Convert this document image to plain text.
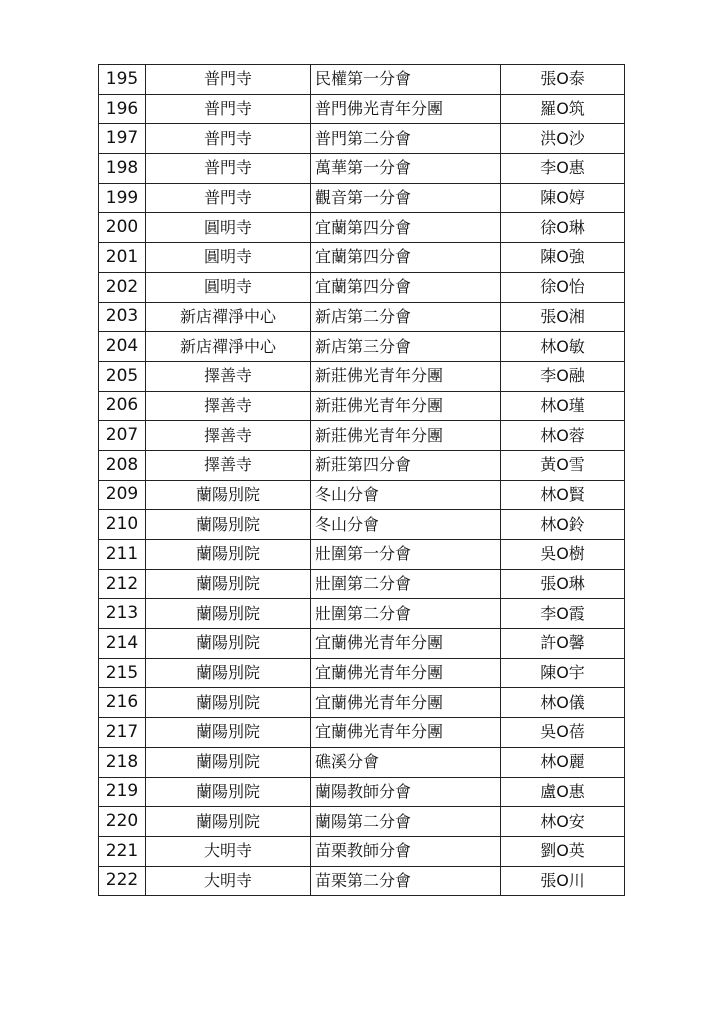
195	普門寺	民權第一分會	張O泰
196	普門寺	普門佛光青年分團	羅O筑
197	普門寺	普門第二分會	洪O沙
198	普門寺	萬華第一分會	李O惠
199	普門寺	觀音第一分會	陳O婷
200	圓明寺	宜蘭第四分會	徐O琳
201	圓明寺	宜蘭第四分會	陳O強
202	圓明寺	宜蘭第四分會	徐O怡
203	新店禪淨中心	新店第二分會	張O湘
204	新店禪淨中心	新店第三分會	林O敏
205	擇善寺	新莊佛光青年分團	李O融
206	擇善寺	新莊佛光青年分團	林O瑾
207	擇善寺	新莊佛光青年分團	林O蓉
208	擇善寺	新莊第四分會	黃O雪
209	蘭陽別院	冬山分會	林O賢
210	蘭陽別院	冬山分會	林O鈴
211	蘭陽別院	壯圍第一分會	吳O樹
212	蘭陽別院	壯圍第二分會	張O琳
213	蘭陽別院	壯圍第二分會	李O霞
214	蘭陽別院	宜蘭佛光青年分團	許O馨
215	蘭陽別院	宜蘭佛光青年分團	陳O宇
216	蘭陽別院	宜蘭佛光青年分團	林O儀
217	蘭陽別院	宜蘭佛光青年分團	吳O蓓
218	蘭陽別院	礁溪分會	林O麗
219	蘭陽別院	蘭陽教師分會	盧O惠
220	蘭陽別院	蘭陽第二分會	林O安
221	大明寺	苗栗教師分會	劉O英
222	大明寺	苗栗第二分會	張O川
